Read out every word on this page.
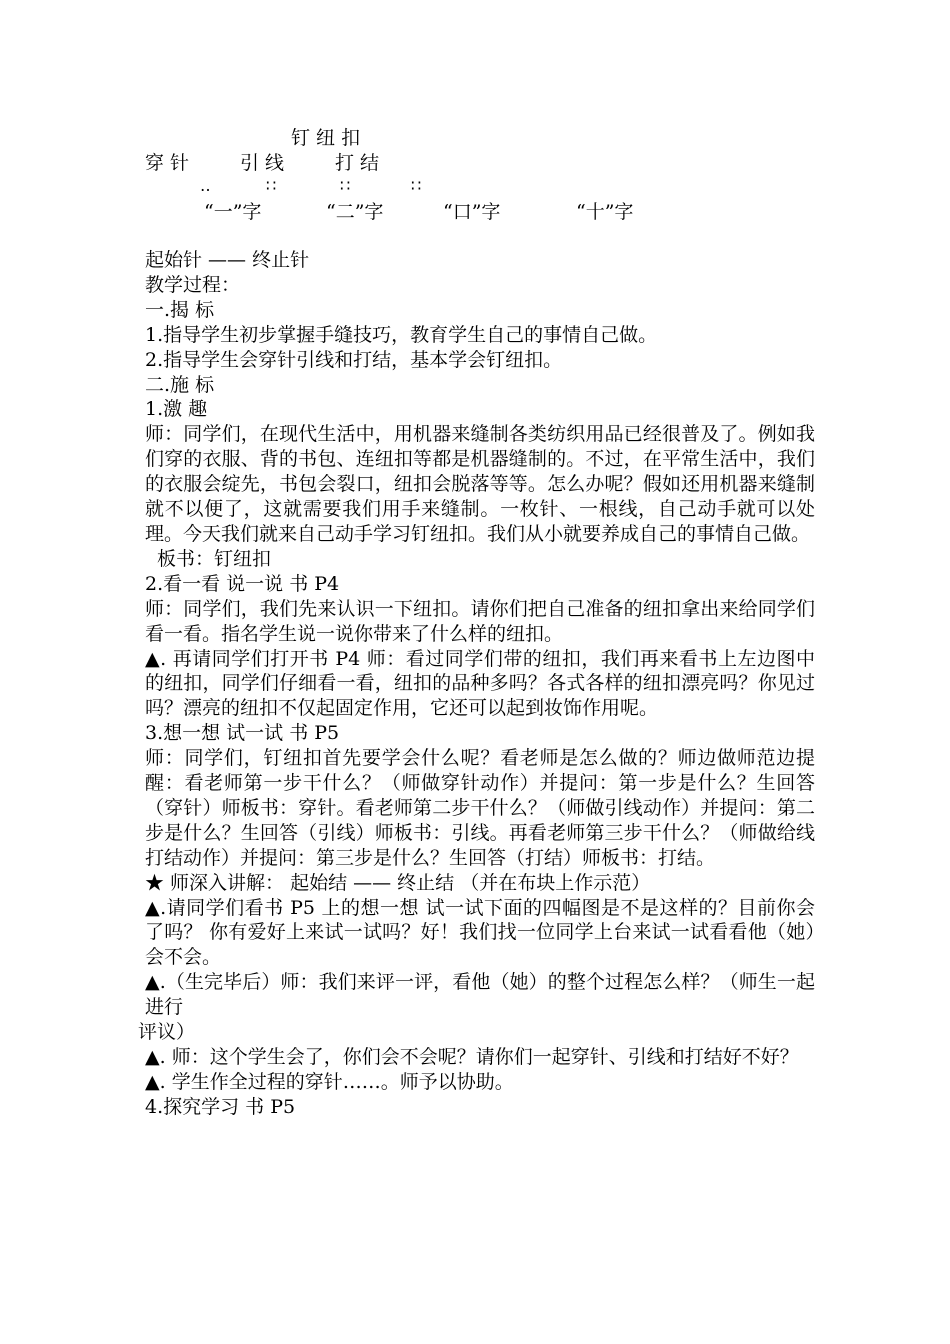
钉 纽 扣
穿 针	引 线	打 结
‥	∷	∷	∷
“一”字	“二”字	“口”字	“十”字

起始针 —— 终止针

教学过程：

一.揭 标

1.指导学生初步掌握手缝技巧，教育学生自己的事情自己做。

2.指导学生会穿针引线和打结，基本学会钉纽扣。

二.施 标

1.激 趣

师：同学们，在现代生活中，用机器来缝制各类纺织用品已经很普及了。例如我们穿的衣服、背的书包、连纽扣等都是机器缝制的。不过，在平常生活中，我们的衣服会绽先，书包会裂口，纽扣会脱落等等。怎么办呢？假如还用机器来缝制就不以便了，这就需要我们用手来缝制。一枚针、一根线，自己动手就可以处理。今天我们就来自己动手学习钉纽扣。我们从小就要养成自己的事情自己做。

板书：钉纽扣

2.看一看 说一说 书 P4

师：同学们，我们先来认识一下纽扣。请你们把自己准备的纽扣拿出来给同学们看一看。指名学生说一说你带来了什么样的纽扣。

▲. 再请同学们打开书 P4 师：看过同学们带的纽扣，我们再来看书上左边图中的纽扣，同学们仔细看一看，纽扣的品种多吗？各式各样的纽扣漂亮吗？你见过吗？漂亮的纽扣不仅起固定作用，它还可以起到妆饰作用呢。

3.想一想 试一试 书 P5

师：同学们，钉纽扣首先要学会什么呢？看老师是怎么做的？师边做师范边提醒：看老师第一步干什么？（师做穿针动作）并提问：第一步是什么？生回答（穿针）师板书：穿针。看老师第二步干什么？（师做引线动作）并提问：第二步是什么？生回答（引线）师板书：引线。再看老师第三步干什么？（师做给线打结动作）并提问：第三步是什么？生回答（打结）师板书：打结。

★ 师深入讲解： 起始结 —— 终止结 （并在布块上作示范）

▲.请同学们看书 P5 上的想一想 试一试下面的四幅图是不是这样的？目前你会了吗？ 你有爱好上来试一试吗？好！我们找一位同学上台来试一试看看他（她）会不会。

▲.（生完毕后）师：我们来评一评，看他（她）的整个过程怎么样？（师生一起进行

评议）

▲. 师：这个学生会了，你们会不会呢？请你们一起穿针、引线和打结好不好？

▲. 学生作全过程的穿针……。师予以协助。

4.探究学习 书 P5
